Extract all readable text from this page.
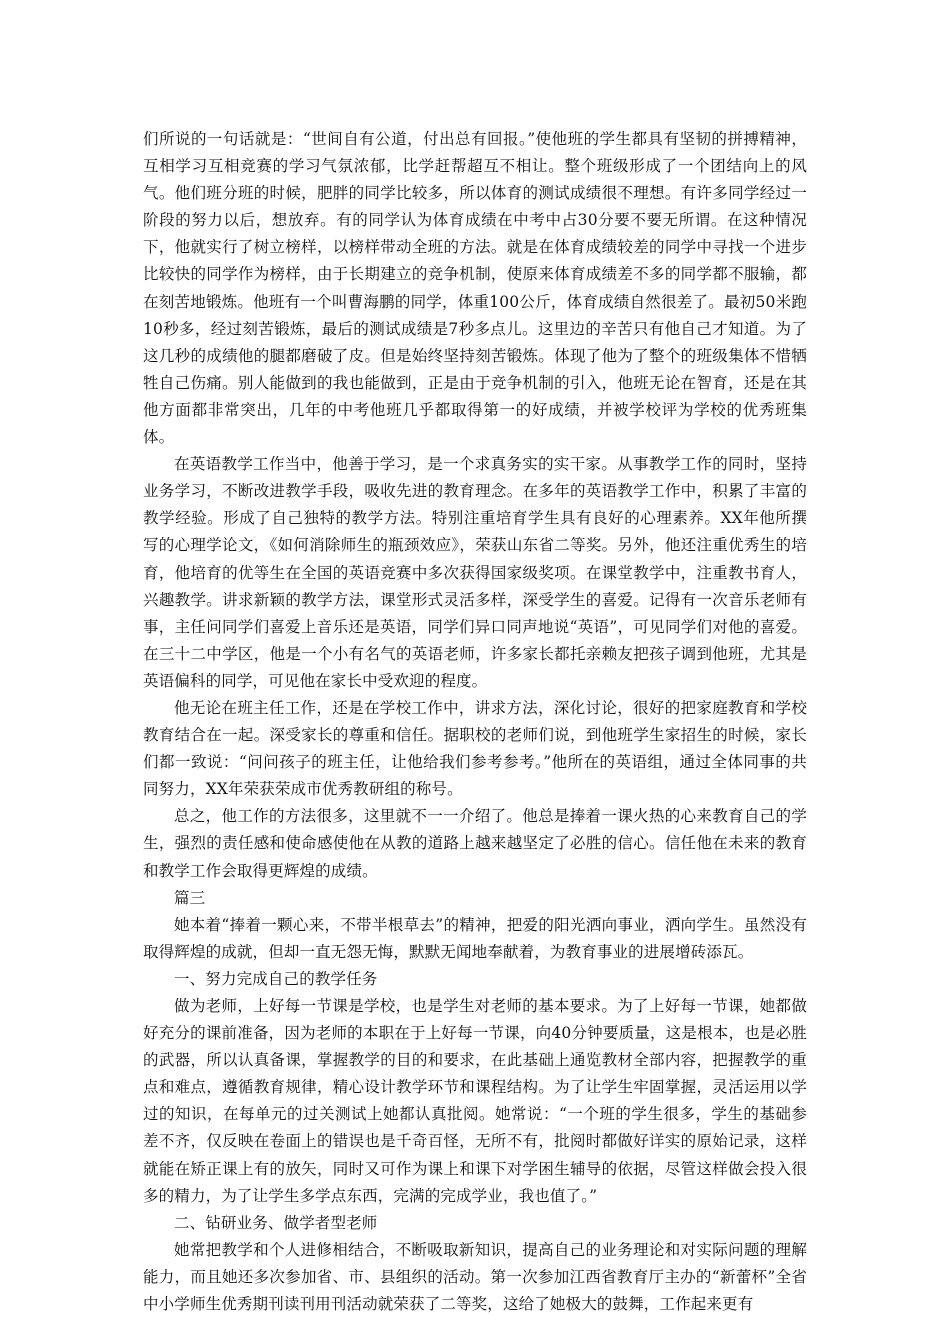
们所说的一句话就是：“世间自有公道，付出总有回报。”使他班的学生都具有坚韧的拼搏精神，互相学习互相竞赛的学习气氛浓郁，比学赶帮超互不相让。整个班级形成了一个团结向上的风气。他们班分班的时候，肥胖的同学比较多，所以体育的测试成绩很不理想。有许多同学经过一阶段的努力以后，想放弃。有的同学认为体育成绩在中考中占30分要不要无所谓。在这种情况下，他就实行了树立榜样，以榜样带动全班的方法。就是在体育成绩较差的同学中寻找一个进步比较快的同学作为榜样，由于长期建立的竞争机制，使原来体育成绩差不多的同学都不服输，都在刻苦地锻炼。他班有一个叫曹海鹏的同学，体重100公斤，体育成绩自然很差了。最初50米跑10秒多，经过刻苦锻炼，最后的测试成绩是7秒多点儿。这里边的辛苦只有他自己才知道。为了这几秒的成绩他的腿都磨破了皮。但是始终坚持刻苦锻炼。体现了他为了整个的班级集体不惜牺牲自己伤痛。别人能做到的我也能做到，正是由于竞争机制的引入，他班无论在智育，还是在其他方面都非常突出，几年的中考他班几乎都取得第一的好成绩，并被学校评为学校的优秀班集体。

在英语教学工作当中，他善于学习，是一个求真务实的实干家。从事教学工作的同时，坚持业务学习，不断改进教学手段，吸收先进的教育理念。在多年的英语教学工作中，积累了丰富的教学经验。形成了自己独特的教学方法。特别注重培育学生具有良好的心理素养。XX年他所撰写的心理学论文，《如何消除师生的瓶颈效应》，荣获山东省二等奖。另外，他还注重优秀生的培育，他培育的优等生在全国的英语竞赛中多次获得国家级奖项。在课堂教学中，注重教书育人，兴趣教学。讲求新颖的教学方法，课堂形式灵活多样，深受学生的喜爱。记得有一次音乐老师有事，主任问同学们喜爱上音乐还是英语，同学们异口同声地说“英语”，可见同学们对他的喜爱。在三十二中学区，他是一个小有名气的英语老师，许多家长都托亲赖友把孩子调到他班，尤其是英语偏科的同学，可见他在家长中受欢迎的程度。

他无论在班主任工作，还是在学校工作中，讲求方法，深化讨论，很好的把家庭教育和学校教育结合在一起。深受家长的尊重和信任。据职校的老师们说，到他班学生家招生的时候，家长们都一致说：“问问孩子的班主任，让他给我们参考参考。”他所在的英语组，通过全体同事的共同努力，XX年荣获荣成市优秀教研组的称号。

总之，他工作的方法很多，这里就不一一介绍了。他总是捧着一课火热的心来教育自己的学生，强烈的责任感和使命感使他在从教的道路上越来越坚定了必胜的信心。信任他在未来的教育和教学工作会取得更辉煌的成绩。

篇三

她本着“捧着一颗心来，不带半根草去”的精神，把爱的阳光洒向事业，洒向学生。虽然没有取得辉煌的成就，但却一直无怨无悔，默默无闻地奉献着，为教育事业的进展增砖添瓦。

一、努力完成自己的教学任务

做为老师，上好每一节课是学校，也是学生对老师的基本要求。为了上好每一节课，她都做好充分的课前准备，因为老师的本职在于上好每一节课，向40分钟要质量，这是根本，也是必胜的武器，所以认真备课，掌握教学的目的和要求，在此基础上通览教材全部内容，把握教学的重点和难点，遵循教育规律，精心设计教学环节和课程结构。为了让学生牢固掌握，灵活运用以学过的知识，在每单元的过关测试上她都认真批阅。她常说：“一个班的学生很多，学生的基础参差不齐，仅反映在卷面上的错误也是千奇百怪，无所不有，批阅时都做好详实的原始记录，这样就能在矫正课上有的放矢，同时又可作为课上和课下对学困生辅导的依据，尽管这样做会投入很多的精力，为了让学生多学点东西，完满的完成学业，我也值了。”

二、钻研业务、做学者型老师

她常把教学和个人进修相结合，不断吸取新知识，提高自己的业务理论和对实际问题的理解能力，而且她还多次参加省、市、县组织的活动。第一次参加江西省教育厅主办的“新蕾杯”全省中小学师生优秀期刊读刊用刊活动就荣获了二等奖，这给了她极大的鼓舞，工作起来更有
